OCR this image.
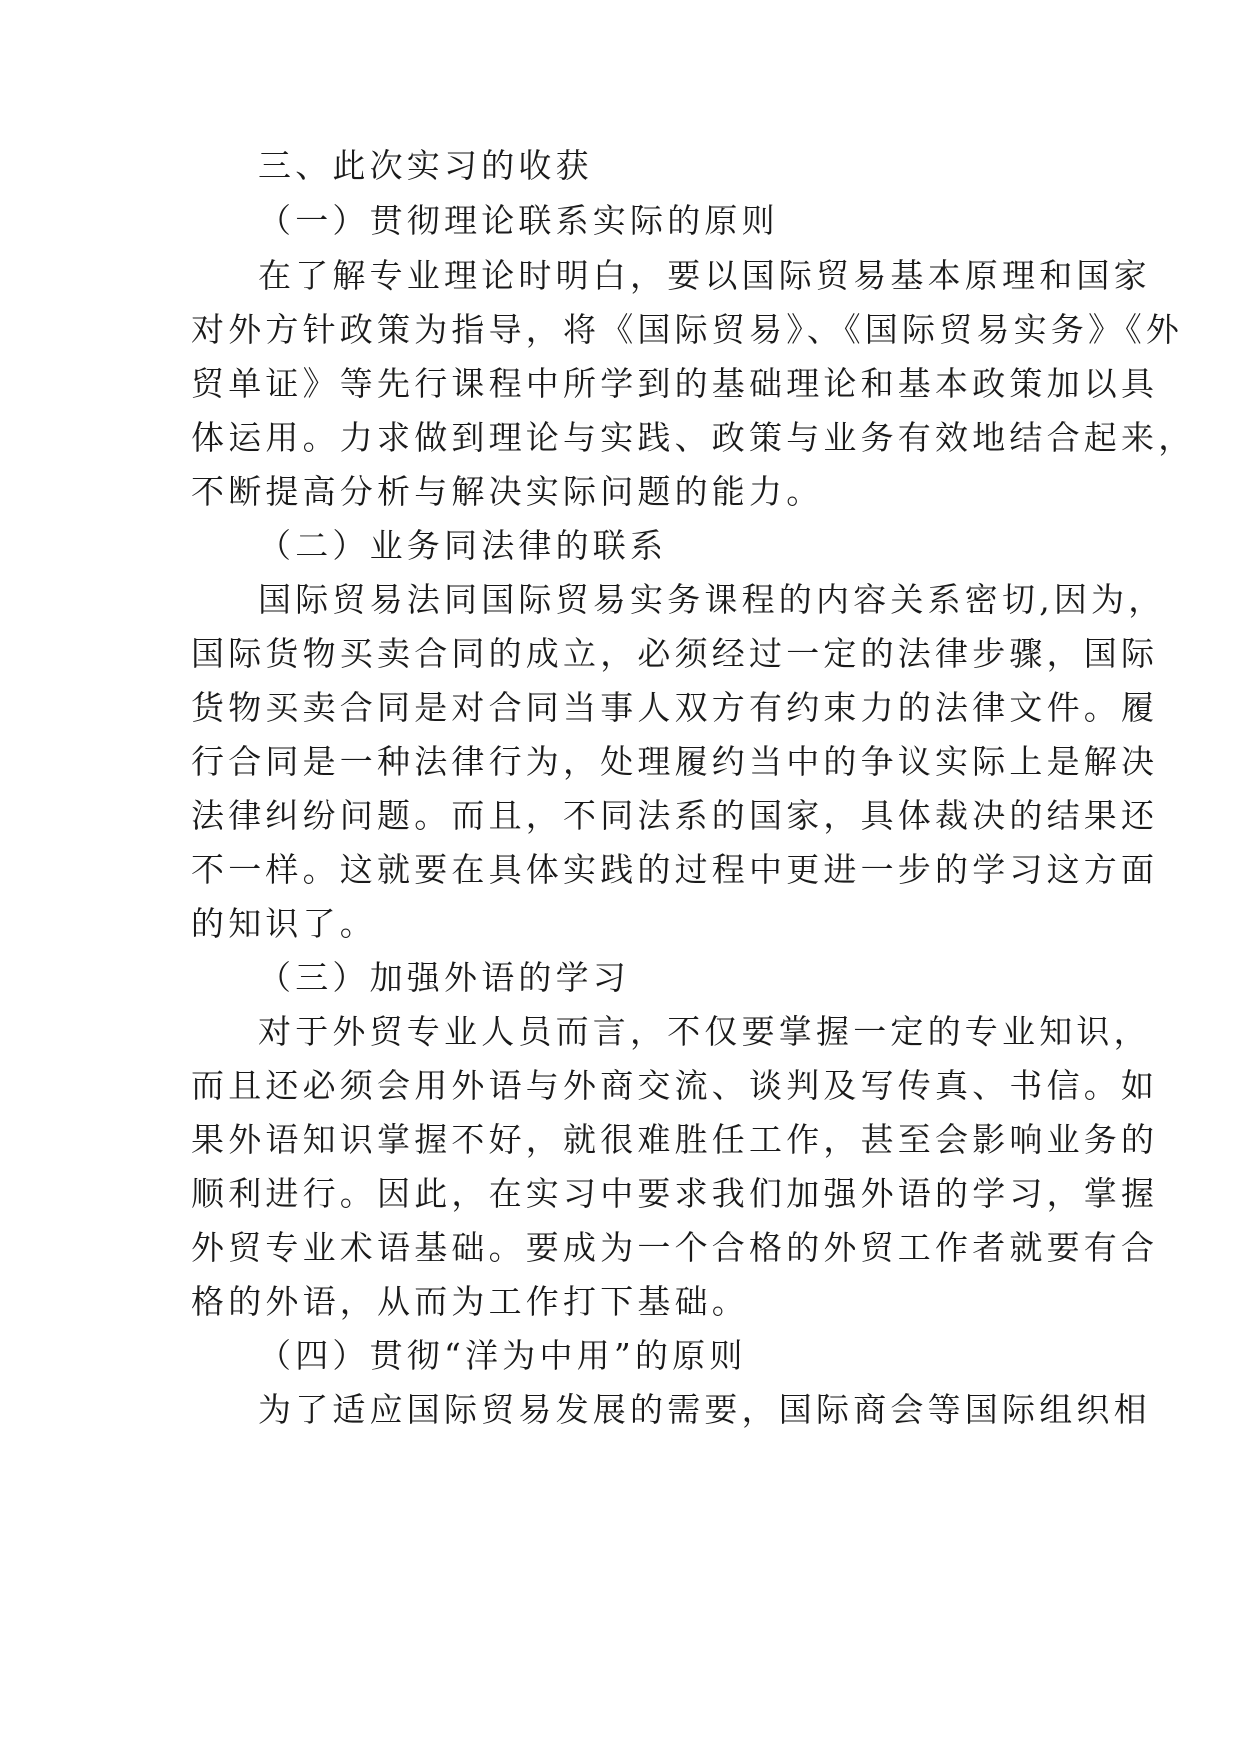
三、此次实习的收获
（一）贯彻理论联系实际的原则
在了解专业理论时明白，要以国际贸易基本原理和国家
对外方针政策为指导，将《国际贸易》、《国际贸易实务》《外
贸单证》等先行课程中所学到的基础理论和基本政策加以具
体运用。力求做到理论与实践、政策与业务有效地结合起来，
不断提高分析与解决实际问题的能力。
（二）业务同法律的联系
国际贸易法同国际贸易实务课程的内容关系密切,因为，
国际货物买卖合同的成立，必须经过一定的法律步骤，国际
货物买卖合同是对合同当事人双方有约束力的法律文件。履
行合同是一种法律行为，处理履约当中的争议实际上是解决
法律纠纷问题。而且，不同法系的国家，具体裁决的结果还
不一样。这就要在具体实践的过程中更进一步的学习这方面
的知识了。
（三）加强外语的学习
对于外贸专业人员而言，不仅要掌握一定的专业知识，
而且还必须会用外语与外商交流、谈判及写传真、书信。如
果外语知识掌握不好，就很难胜任工作，甚至会影响业务的
顺利进行。因此，在实习中要求我们加强外语的学习，掌握
外贸专业术语基础。要成为一个合格的外贸工作者就要有合
格的外语，从而为工作打下基础。
（四）贯彻“洋为中用”的原则
为了适应国际贸易发展的需要，国际商会等国际组织相
